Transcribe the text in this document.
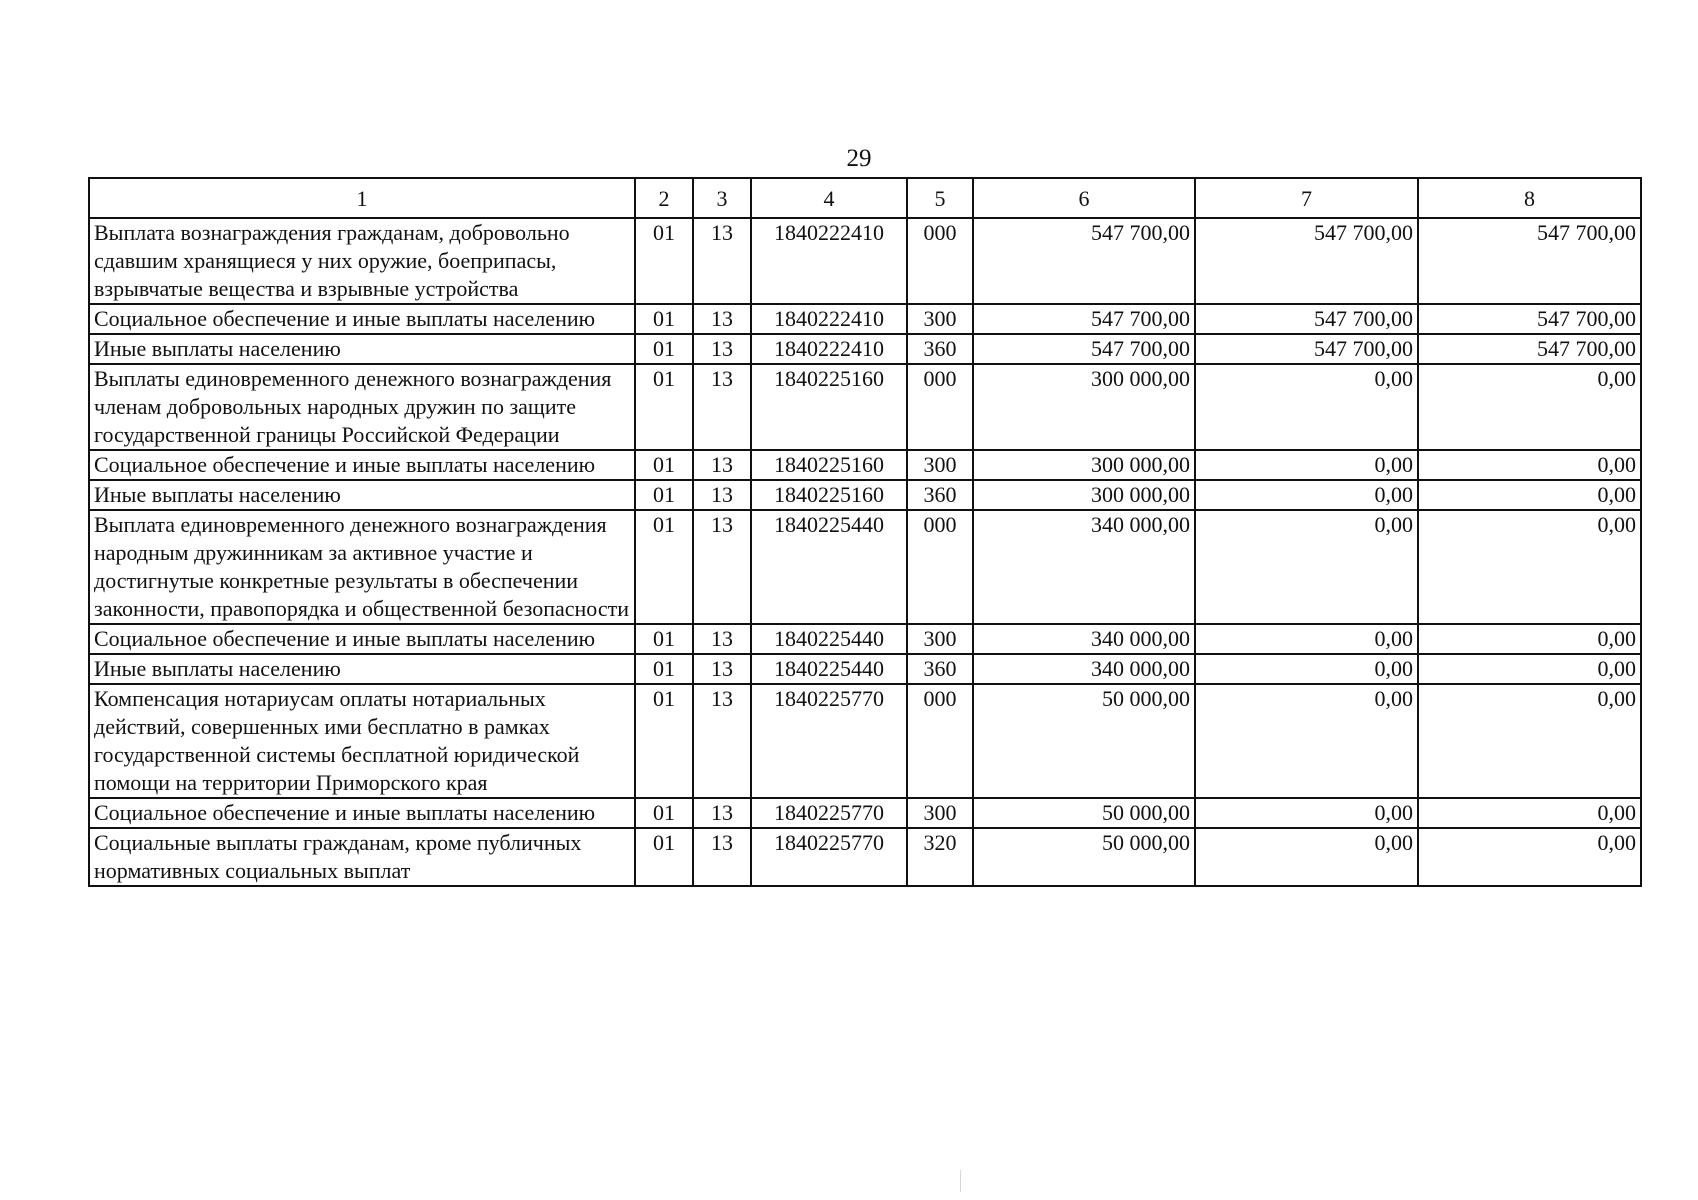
29
1	2	3	4	5	6	7	8
Выплата вознаграждения гражданам, добровольно сдавшим хранящиеся у них оружие, боеприпасы, взрывчатые вещества и взрывные устройства	01	13	1840222410	000	547 700,00	547 700,00	547 700,00
Социальное обеспечение и иные выплаты населению	01	13	1840222410	300	547 700,00	547 700,00	547 700,00
Иные выплаты населению	01	13	1840222410	360	547 700,00	547 700,00	547 700,00
Выплаты единовременного денежного вознаграждения членам добровольных народных дружин по защите государственной границы Российской Федерации	01	13	1840225160	000	300 000,00	0,00	0,00
Социальное обеспечение и иные выплаты населению	01	13	1840225160	300	300 000,00	0,00	0,00
Иные выплаты населению	01	13	1840225160	360	300 000,00	0,00	0,00
Выплата единовременного денежного вознаграждения народным дружинникам за активное участие и достигнутые конкретные результаты в обеспечении законности, правопорядка и общественной безопасности	01	13	1840225440	000	340 000,00	0,00	0,00
Социальное обеспечение и иные выплаты населению	01	13	1840225440	300	340 000,00	0,00	0,00
Иные выплаты населению	01	13	1840225440	360	340 000,00	0,00	0,00
Компенсация нотариусам оплаты нотариальных действий, совершенных ими бесплатно в рамках государственной системы бесплатной юридической помощи на территории Приморского края	01	13	1840225770	000	50 000,00	0,00	0,00
Социальное обеспечение и иные выплаты населению	01	13	1840225770	300	50 000,00	0,00	0,00
Социальные выплаты гражданам, кроме публичных нормативных социальных выплат	01	13	1840225770	320	50 000,00	0,00	0,00
